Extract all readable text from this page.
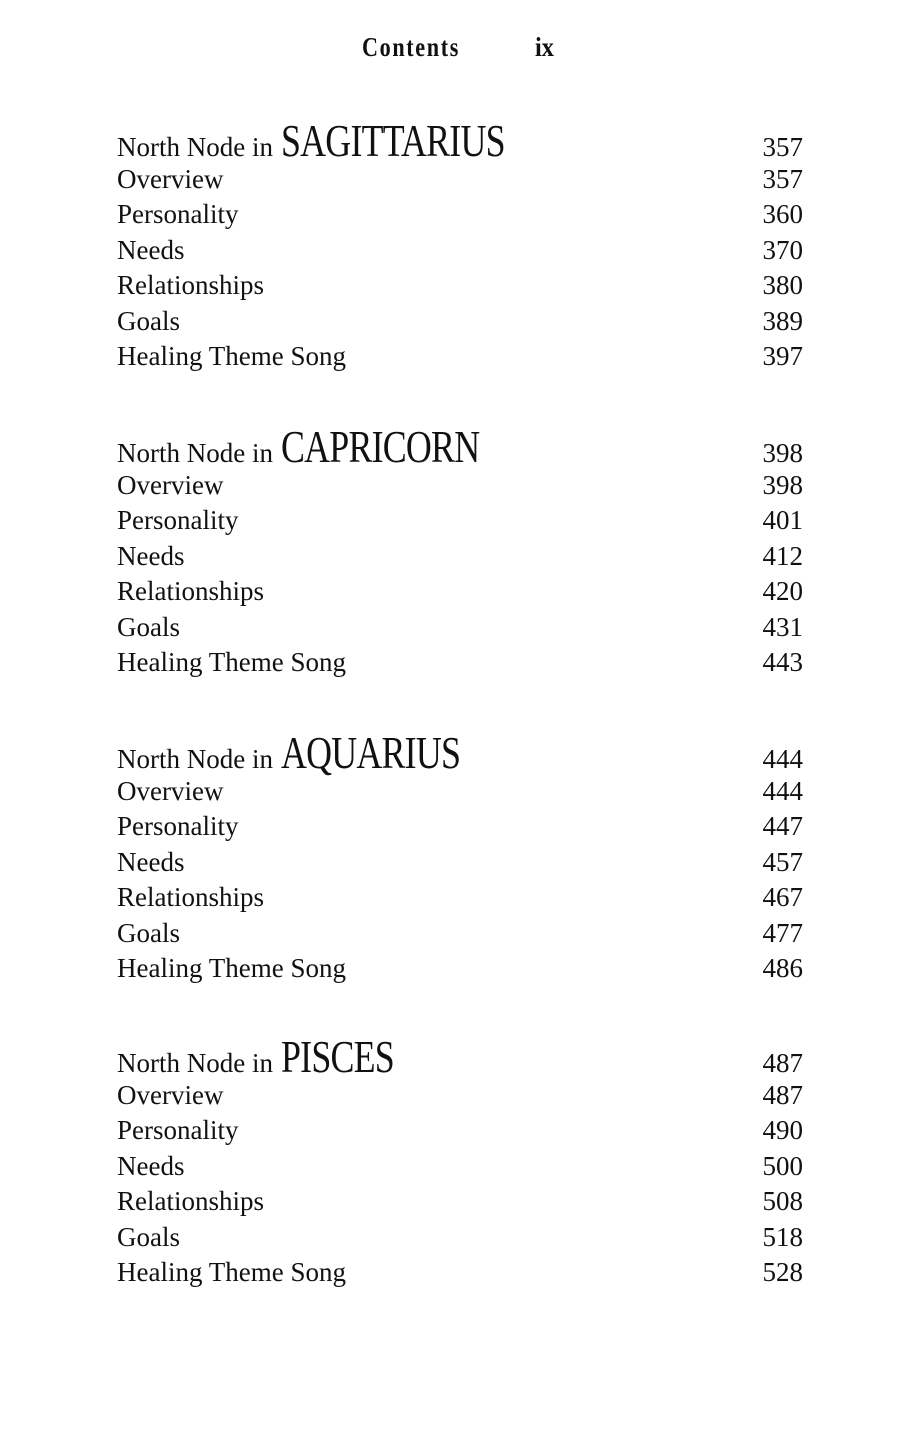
Contents	ix
North Node in SAGITTARIUS	357
Overview	357
Personality	360
Needs	370
Relationships	380
Goals	389
Healing Theme Song	397
North Node in CAPRICORN	398
Overview	398
Personality	401
Needs	412
Relationships	420
Goals	431
Healing Theme Song	443
North Node in AQUARIUS	444
Overview	444
Personality	447
Needs	457
Relationships	467
Goals	477
Healing Theme Song	486
North Node in PISCES	487
Overview	487
Personality	490
Needs	500
Relationships	508
Goals	518
Healing Theme Song	528
